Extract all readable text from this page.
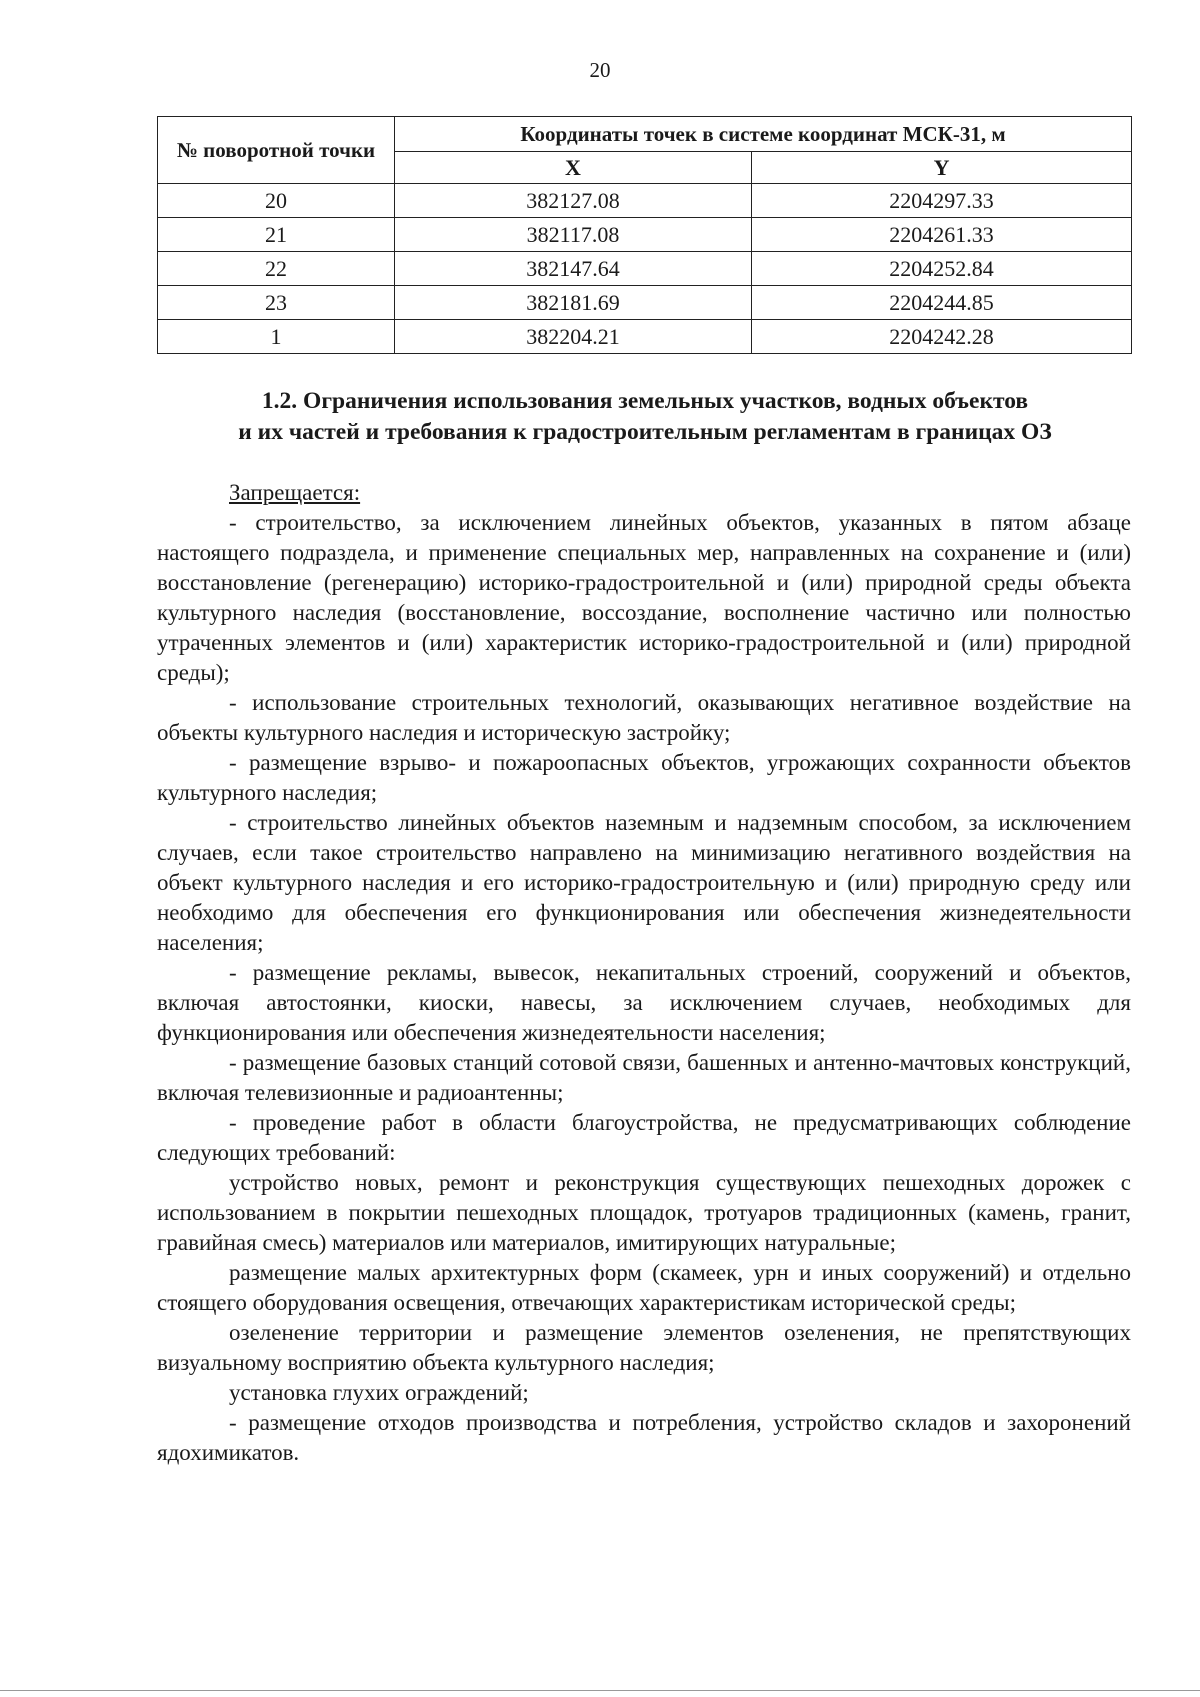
20
№ поворотной точки	Координаты точек в системе координат МСК-31, м	
	X	Y
20	382127.08	2204297.33
21	382117.08	2204261.33
22	382147.64	2204252.84
23	382181.69	2204244.85
1	382204.21	2204242.28
1.2. Ограничения использования земельных участков, водных объектов
и их частей и требования к градостроительным регламентам в границах ОЗ

Запрещается:

- строительство, за исключением линейных объектов, указанных в пятом абзаце настоящего подраздела, и применение специальных мер, направленных на сохранение и (или) восстановление (регенерацию) историко-градостроительной и (или) природной среды объекта культурного наследия (восстановление, воссоздание, восполнение частично или полностью утраченных элементов и (или) характеристик историко-градостроительной и (или) природной среды);

- использование строительных технологий, оказывающих негативное воздействие на объекты культурного наследия и историческую застройку;

- размещение взрыво- и пожароопасных объектов, угрожающих сохранности объектов культурного наследия;

- строительство линейных объектов наземным и надземным способом, за исключением случаев, если такое строительство направлено на минимизацию негативного воздействия на объект культурного наследия и его историко-градостроительную и (или) природную среду или необходимо для обеспечения его функционирования или обеспечения жизнедеятельности населения;

- размещение рекламы, вывесок, некапитальных строений, сооружений и объектов, включая автостоянки, киоски, навесы, за исключением случаев, необходимых для функционирования или обеспечения жизнедеятельности населения;

- размещение базовых станций сотовой связи, башенных и антенно-мачтовых конструкций, включая телевизионные и радиоантенны;

- проведение работ в области благоустройства, не предусматривающих соблюдение следующих требований:

устройство новых, ремонт и реконструкция существующих пешеходных дорожек с использованием в покрытии пешеходных площадок, тротуаров традиционных (камень, гранит, гравийная смесь) материалов или материалов, имитирующих натуральные;

размещение малых архитектурных форм (скамеек, урн и иных сооружений) и отдельно стоящего оборудования освещения, отвечающих характеристикам исторической среды;

озеленение территории и размещение элементов озеленения, не препятствующих визуальному восприятию объекта культурного наследия;

установка глухих ограждений;

- размещение отходов производства и потребления, устройство складов и захоронений ядохимикатов.
